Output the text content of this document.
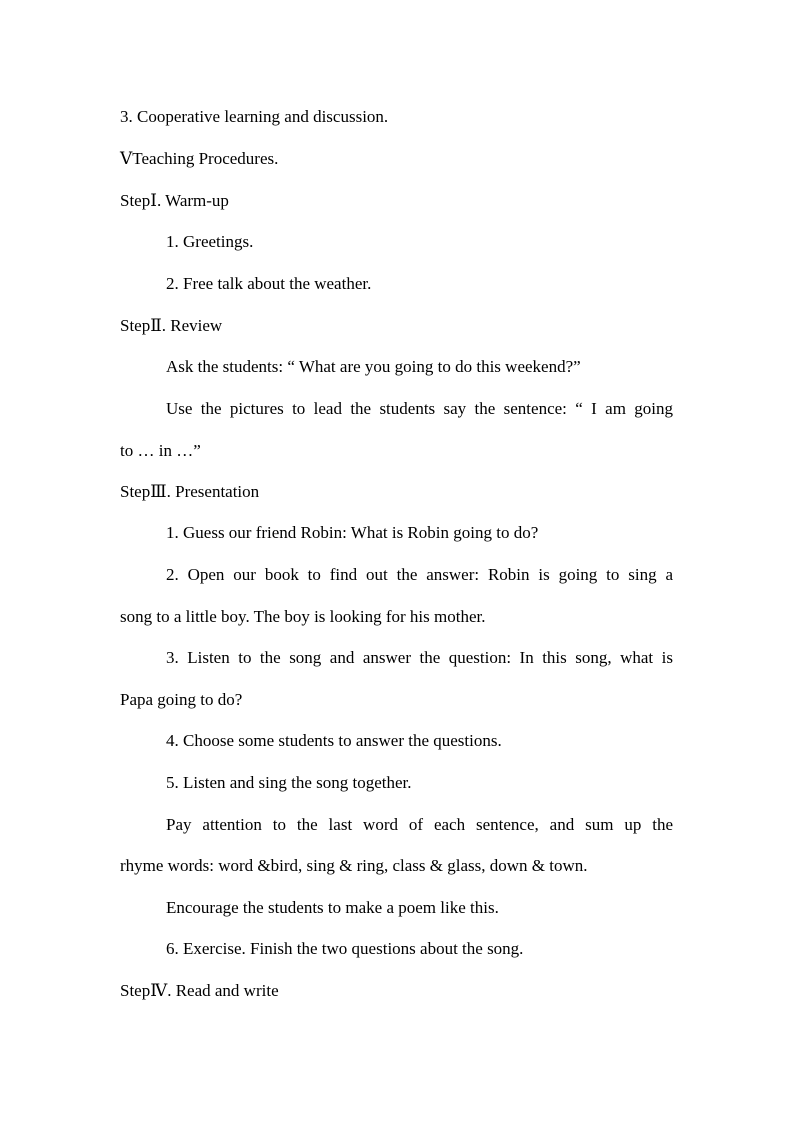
3. Cooperative learning and discussion.

ⅤTeaching Procedures.

StepⅠ. Warm-up

1. Greetings.

2. Free talk about the weather.

StepⅡ. Review

Ask the students: “ What are you going to do this weekend?”

Use the pictures to lead the students say the sentence: “ I am going

to … in …”

StepⅢ. Presentation

1. Guess our friend Robin: What is Robin going to do?

2. Open our book to find out the answer: Robin is going to sing a

song to a little boy. The boy is looking for his mother.

3. Listen to the song and answer the question: In this song, what is

Papa going to do?

4. Choose some students to answer the questions.

5. Listen and sing the song together.

Pay attention to the last word of each sentence, and sum up the

rhyme words: word &bird, sing & ring, class & glass, down & town.

Encourage the students to make a poem like this.

6. Exercise. Finish the two questions about the song.

StepⅣ. Read and write
